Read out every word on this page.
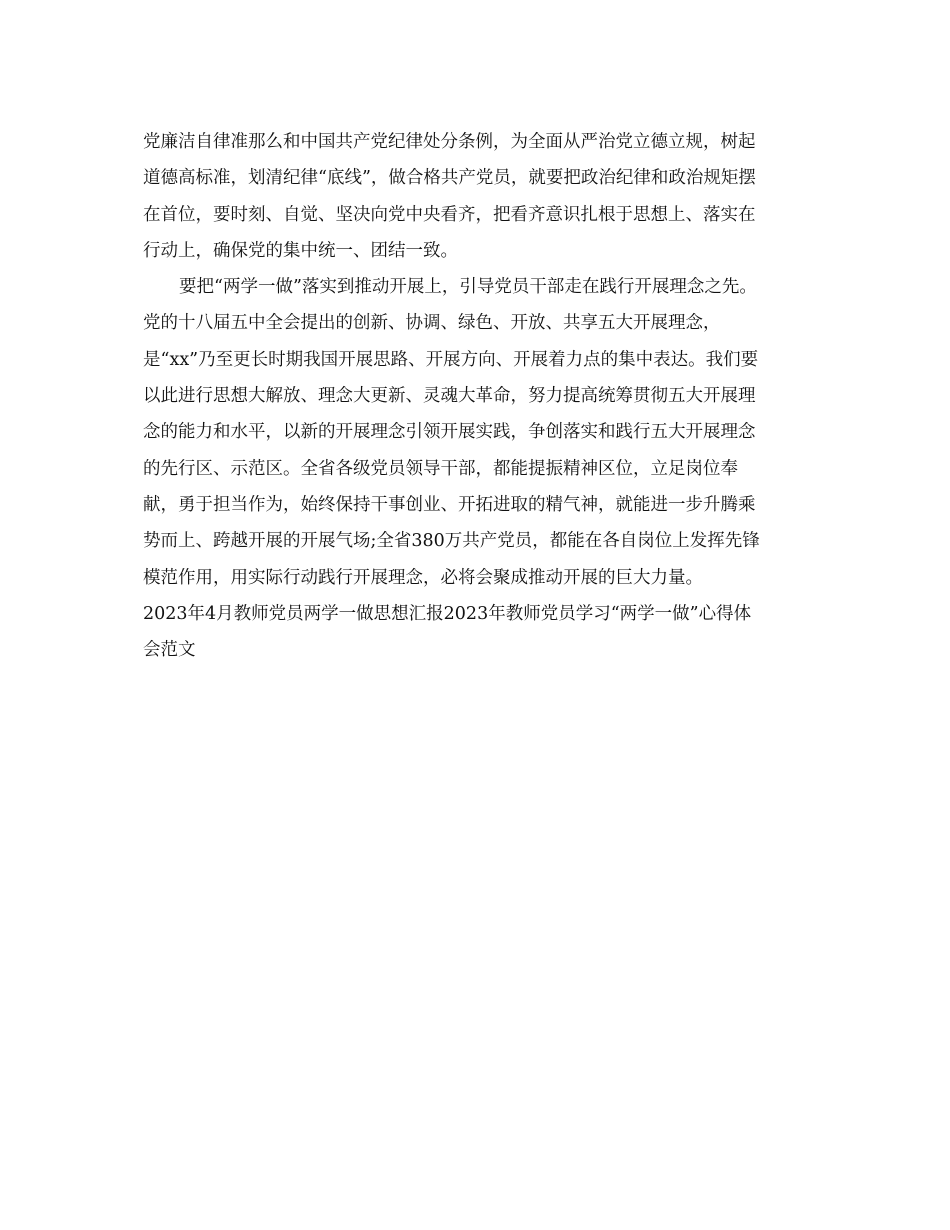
党廉洁自律准那么和中国共产党纪律处分条例，为全面从严治党立德立规，树起
道德高标准，划清纪律“底线”，做合格共产党员，就要把政治纪律和政治规矩摆
在首位，要时刻、自觉、坚决向党中央看齐，把看齐意识扎根于思想上、落实在
行动上，确保党的集中统一、团结一致。
要把“两学一做”落实到推动开展上，引导党员干部走在践行开展理念之先。
党的十八届五中全会提出的创新、协调、绿色、开放、共享五大开展理念，
是“xx”乃至更长时期我国开展思路、开展方向、开展着力点的集中表达。我们要
以此进行思想大解放、理念大更新、灵魂大革命，努力提高统筹贯彻五大开展理
念的能力和水平，以新的开展理念引领开展实践，争创落实和践行五大开展理念
的先行区、示范区。全省各级党员领导干部，都能提振精神区位，立足岗位奉
献，勇于担当作为，始终保持干事创业、开拓进取的精气神，就能进一步升腾乘
势而上、跨越开展的开展气场;全省380万共产党员，都能在各自岗位上发挥先锋
模范作用，用实际行动践行开展理念，必将会聚成推动开展的巨大力量。
2023年4月教师党员两学一做思想汇报2023年教师党员学习“两学一做”心得体
会范文
